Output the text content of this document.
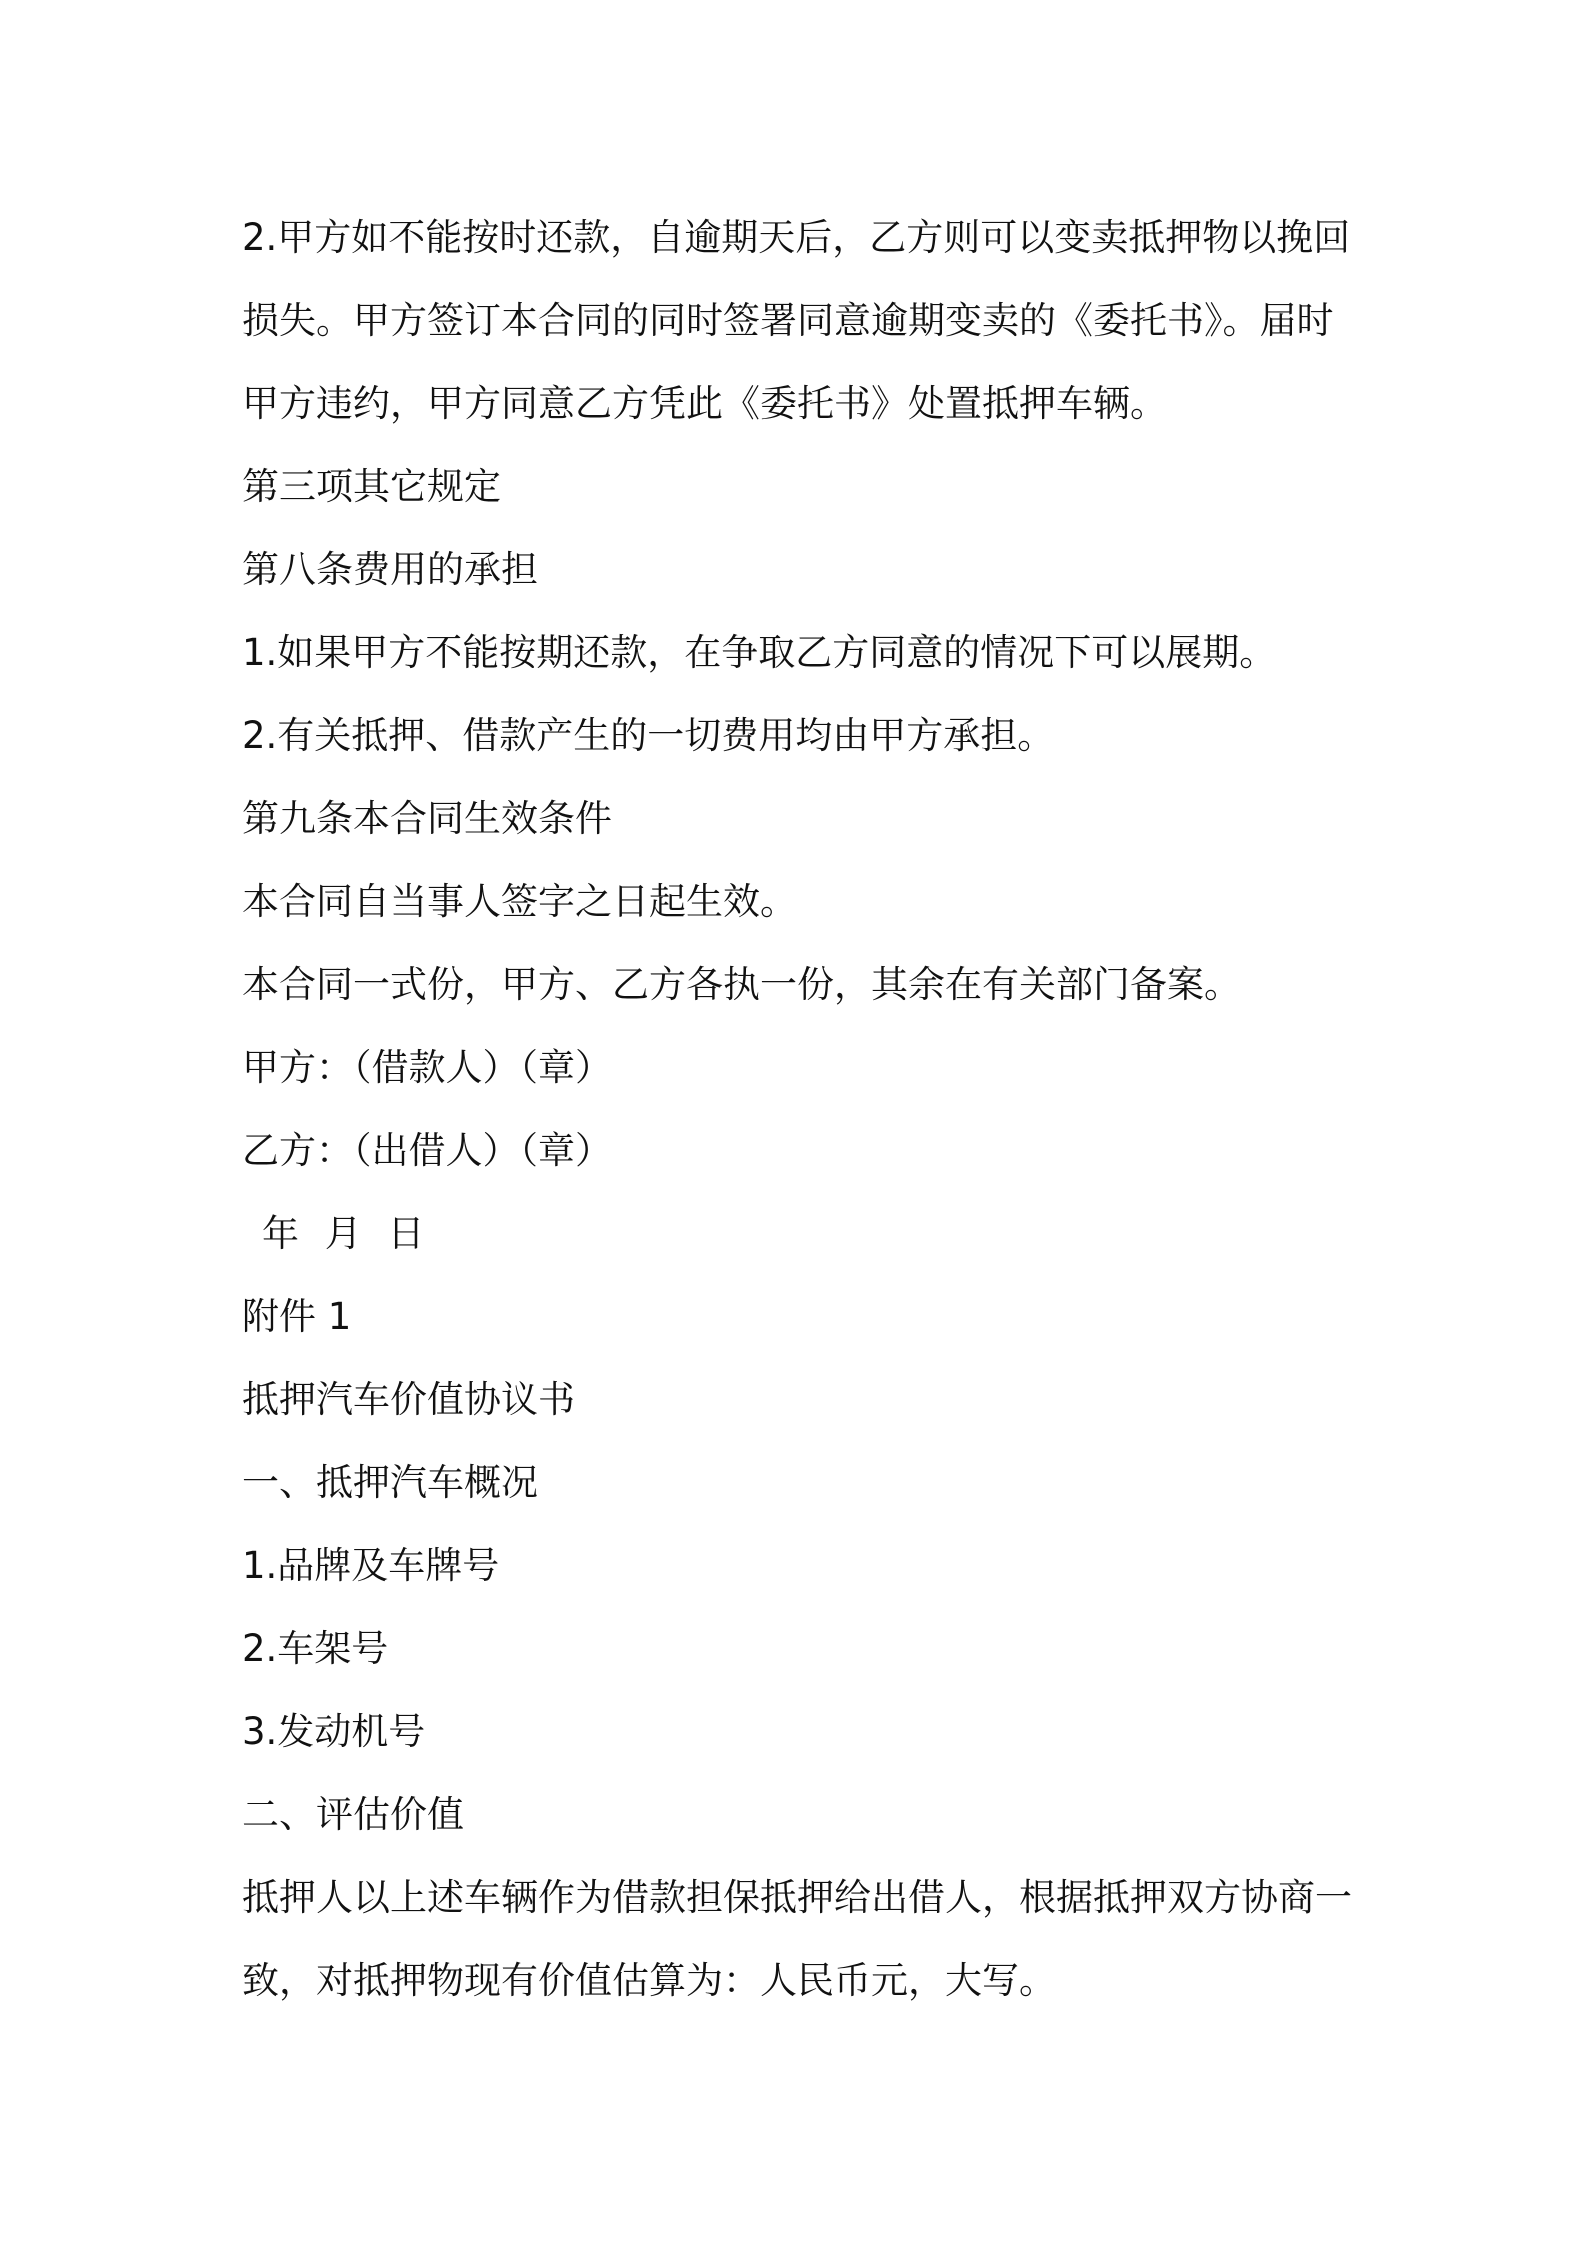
2.甲方如不能按时还款，自逾期天后，乙方则可以变卖抵押物以挽回

损失。甲方签订本合同的同时签署同意逾期变卖的《委托书》。届时

甲方违约，甲方同意乙方凭此《委托书》处置抵押车辆。

第三项其它规定

第八条费用的承担

1.如果甲方不能按期还款，在争取乙方同意的情况下可以展期。

2.有关抵押、借款产生的一切费用均由甲方承担。

第九条本合同生效条件

本合同自当事人签字之日起生效。

本合同一式份，甲方、乙方各执一份，其余在有关部门备案。

甲方：（借款人）（章）

乙方：（出借人）（章）

年 月 日

附件 1

抵押汽车价值协议书

一、抵押汽车概况

1.品牌及车牌号

2.车架号

3.发动机号

二、评估价值

抵押人以上述车辆作为借款担保抵押给出借人，根据抵押双方协商一

致，对抵押物现有价值估算为：人民币元，大写。
